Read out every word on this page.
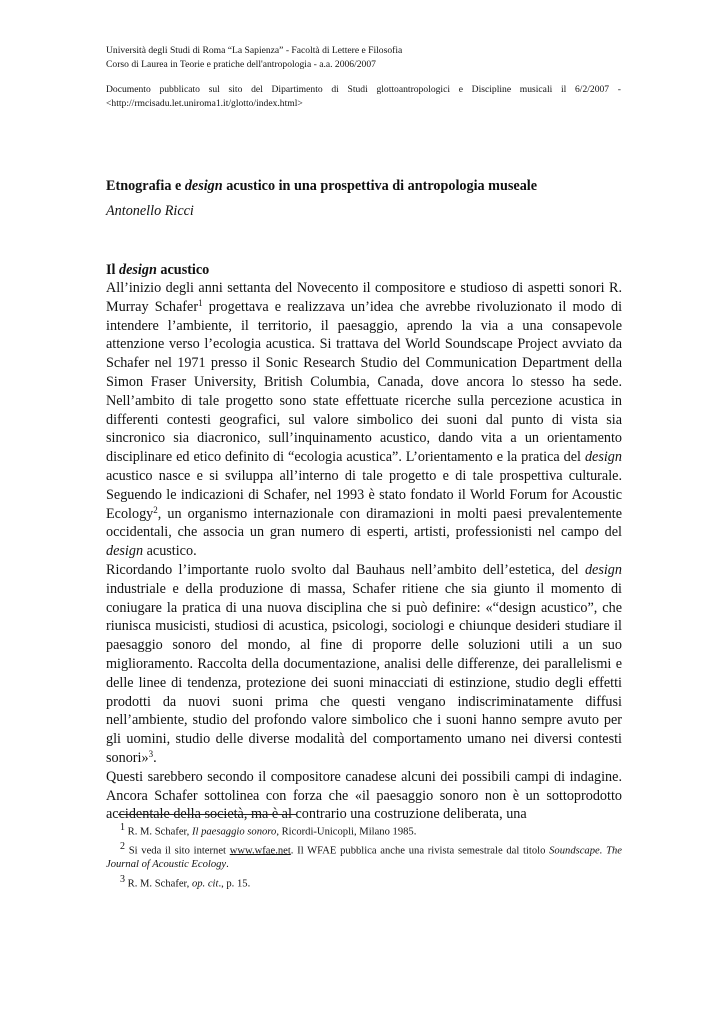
Università degli Studi di Roma “La Sapienza” - Facoltà di Lettere e Filosofia

Corso di Laurea in Teorie e pratiche dell'antropologia - a.a. 2006/2007

Documento pubblicato sul sito del Dipartimento di Studi glottoantropologici e Discipline musicali il 6/2/2007 -

<http://rmcisadu.let.uniroma1.it/glotto/index.html>

Etnografia e design acustico in una prospettiva di antropologia museale
Antonello Ricci
Il design acustico

All’inizio degli anni settanta del Novecento il compositore e studioso di aspetti sonori R. Murray Schafer$^1$ progettava e realizzava un’idea che avrebbe rivoluzionato il modo di intendere l’ambiente, il territorio, il paesaggio, aprendo la via a una consapevole attenzione verso l’ecologia acustica. Si trattava del World Soundscape Project avviato da Schafer nel 1971 presso il Sonic Research Studio del Communication Department della Simon Fraser University, British Columbia, Canada, dove ancora lo stesso ha sede. Nell’ambito di tale progetto sono state effettuate ricerche sulla percezione acustica in differenti contesti geografici, sul valore simbolico dei suoni dal punto di vista sia sincronico sia diacronico, sull’inquinamento acustico, dando vita a un orientamento disciplinare ed etico definito di “ecologia acustica”. L’orientamento e la pratica del design acustico nasce e si sviluppa all’interno di tale progetto e di tale prospettiva culturale. Seguendo le indicazioni di Schafer, nel 1993 è stato fondato il World Forum for Acoustic Ecology$^2$, un organismo internazionale con diramazioni in molti paesi prevalentemente occidentali, che associa un gran numero di esperti, artisti, professionisti nel campo del design acustico.

Ricordando l’importante ruolo svolto dal Bauhaus nell’ambito dell’estetica, del design industriale e della produzione di massa, Schafer ritiene che sia giunto il momento di coniugare la pratica di una nuova disciplina che si può definire: «“design acustico”, che riunisca musicisti, studiosi di acustica, psicologi, sociologi e chiunque desideri studiare il paesaggio sonoro del mondo, al fine di proporre delle soluzioni utili a un suo miglioramento. Raccolta della documentazione, analisi delle differenze, dei parallelismi e delle linee di tendenza, protezione dei suoni minacciati di estinzione, studio degli effetti prodotti da nuovi suoni prima che questi vengano indiscriminatamente diffusi nell’ambiente, studio del profondo valore simbolico che i suoni hanno sempre avuto per gli uomini, studio delle diverse modalità del comportamento umano nei diversi contesti sonori»$^3$.

Questi sarebbero secondo il compositore canadese alcuni dei possibili campi di indagine. Ancora Schafer sottolinea con forza che «il paesaggio sonoro non è un sottoprodotto accidentale della società, ma è al contrario una costruzione deliberata, una

$^1$ R. M. Schafer, Il paesaggio sonoro, Ricordi-Unicopli, Milano 1985.

$^2$ Si veda il sito internet www.wfae.net. Il WFAE pubblica anche una rivista semestrale dal titolo Soundscape. The Journal of Acoustic Ecology.

$^3$ R. M. Schafer, op. cit., p. 15.
